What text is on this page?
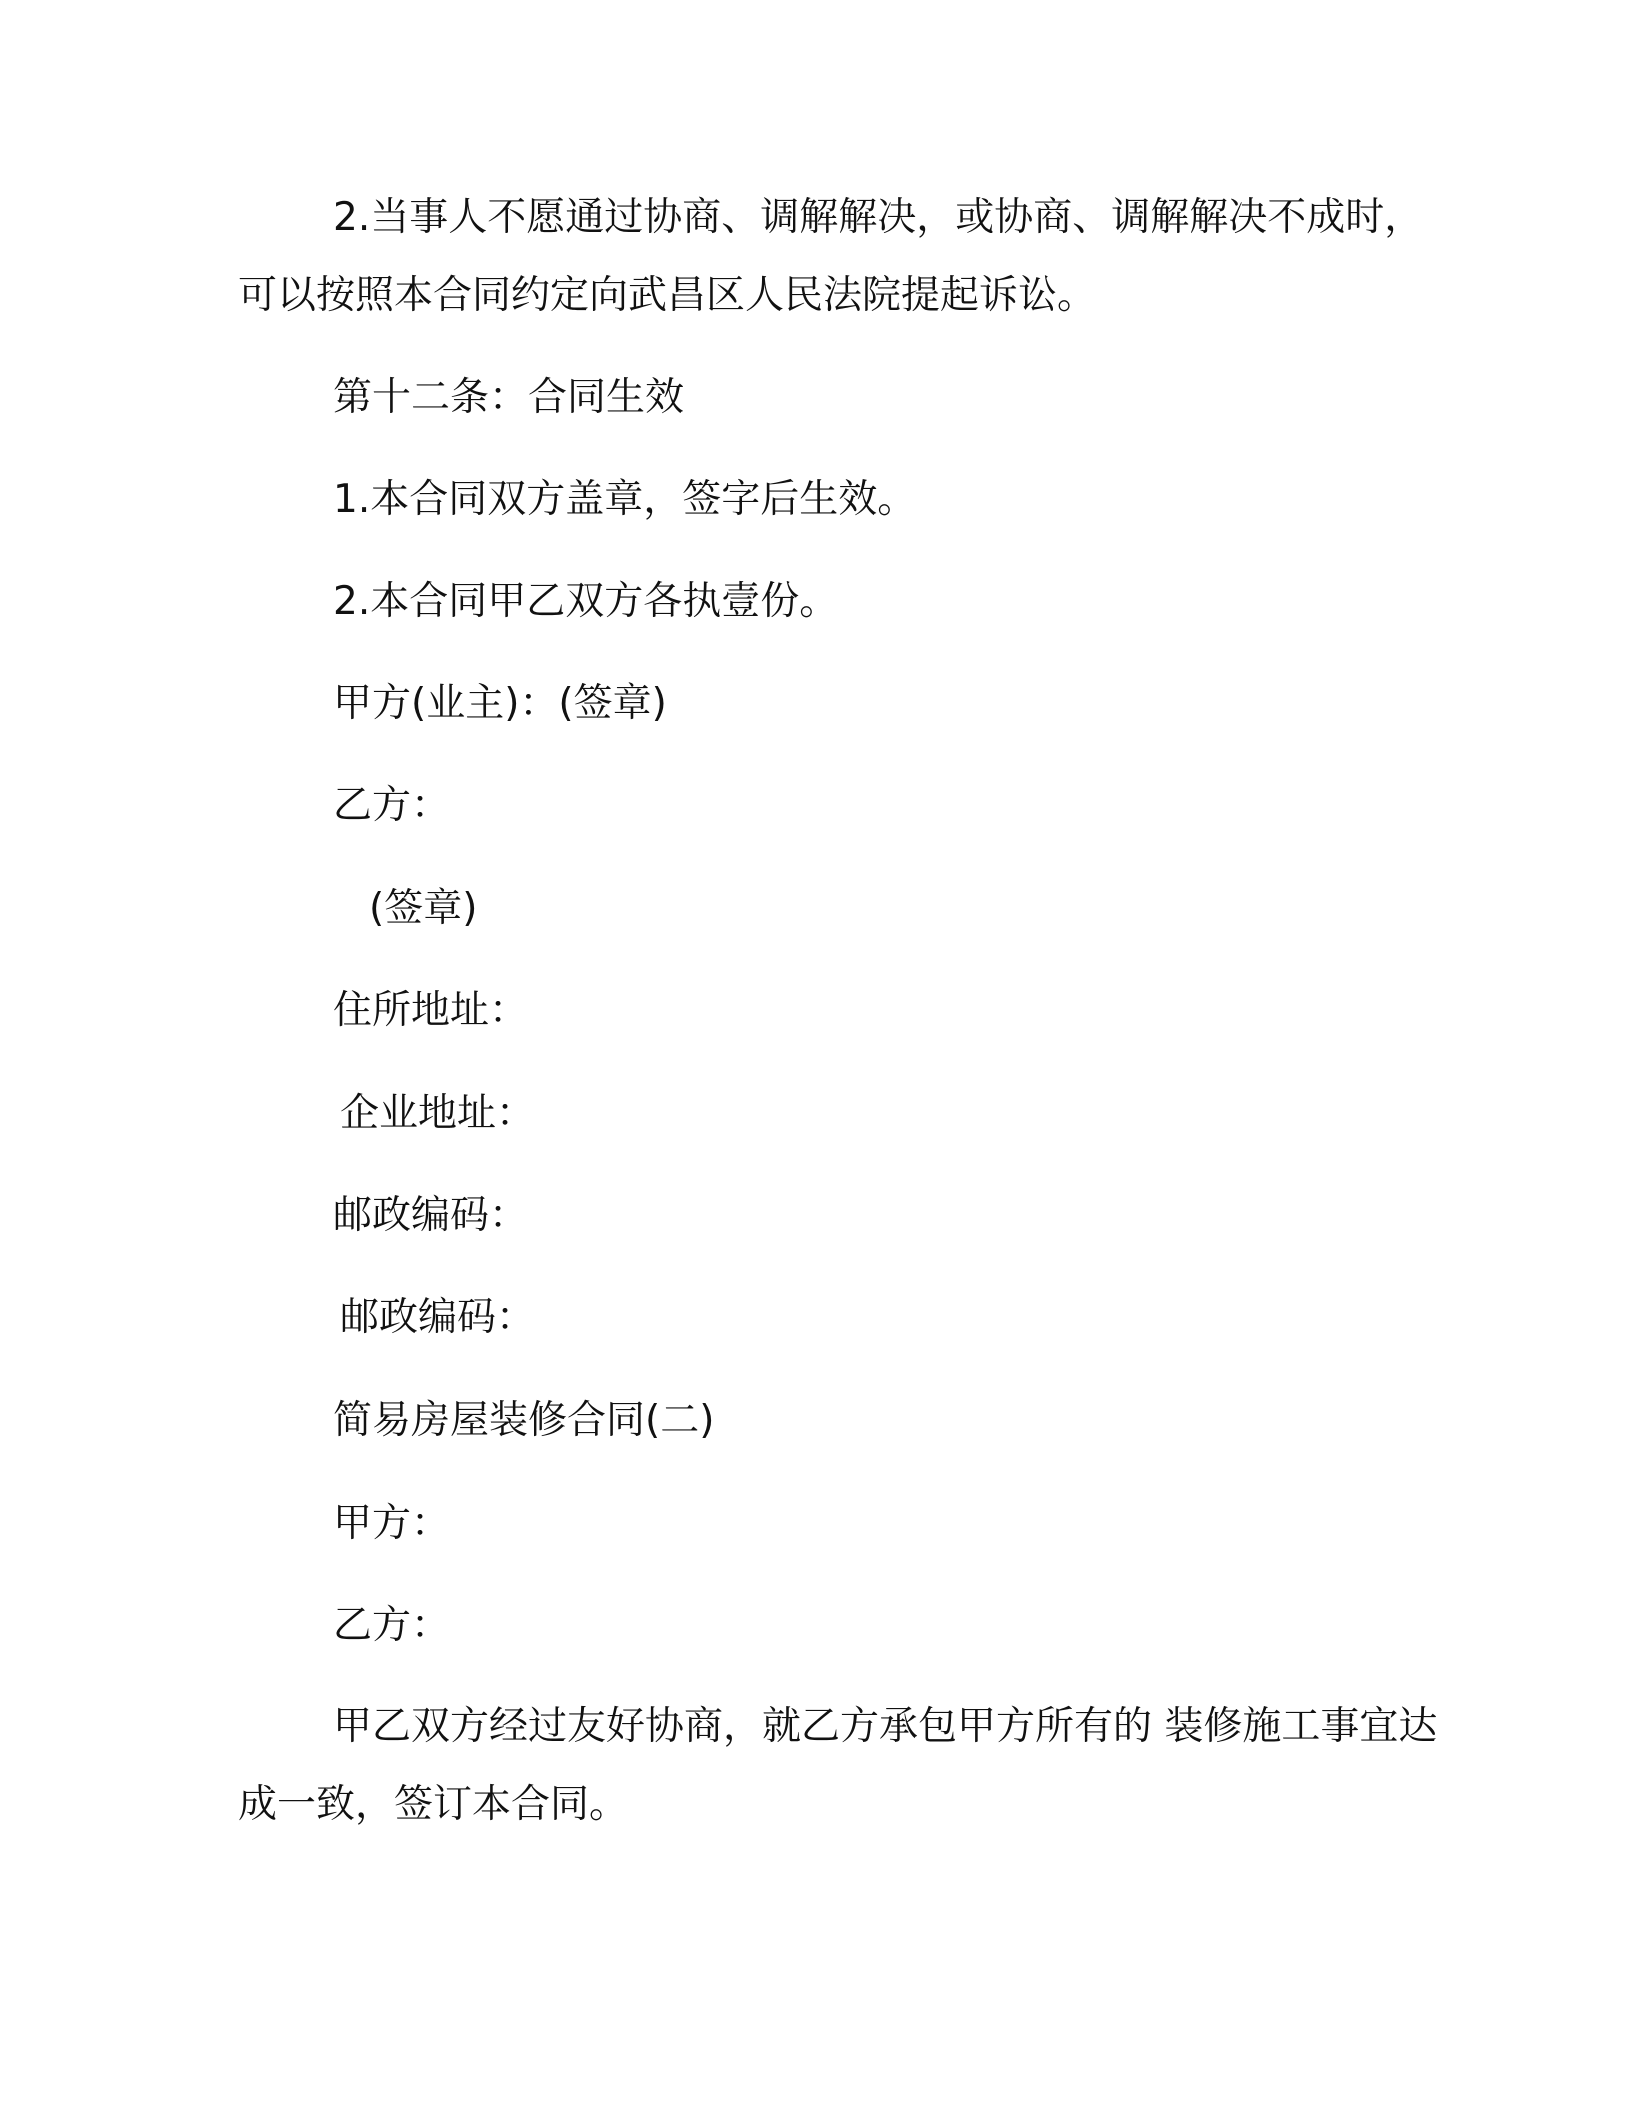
2.当事人不愿通过协商、调解解决，或协商、调解解决不成时，

可以按照本合同约定向武昌区人民法院提起诉讼。

第十二条：合同生效

1.本合同双方盖章，签字后生效。

2.本合同甲乙双方各执壹份。

甲方(业主)：(签章)

乙方：

(签章)

住所地址：

企业地址：

邮政编码：

邮政编码：

简易房屋装修合同(二)

甲方：

乙方：

甲乙双方经过友好协商，就乙方承包甲方所有的 装修施工事宜达

成一致，签订本合同。
